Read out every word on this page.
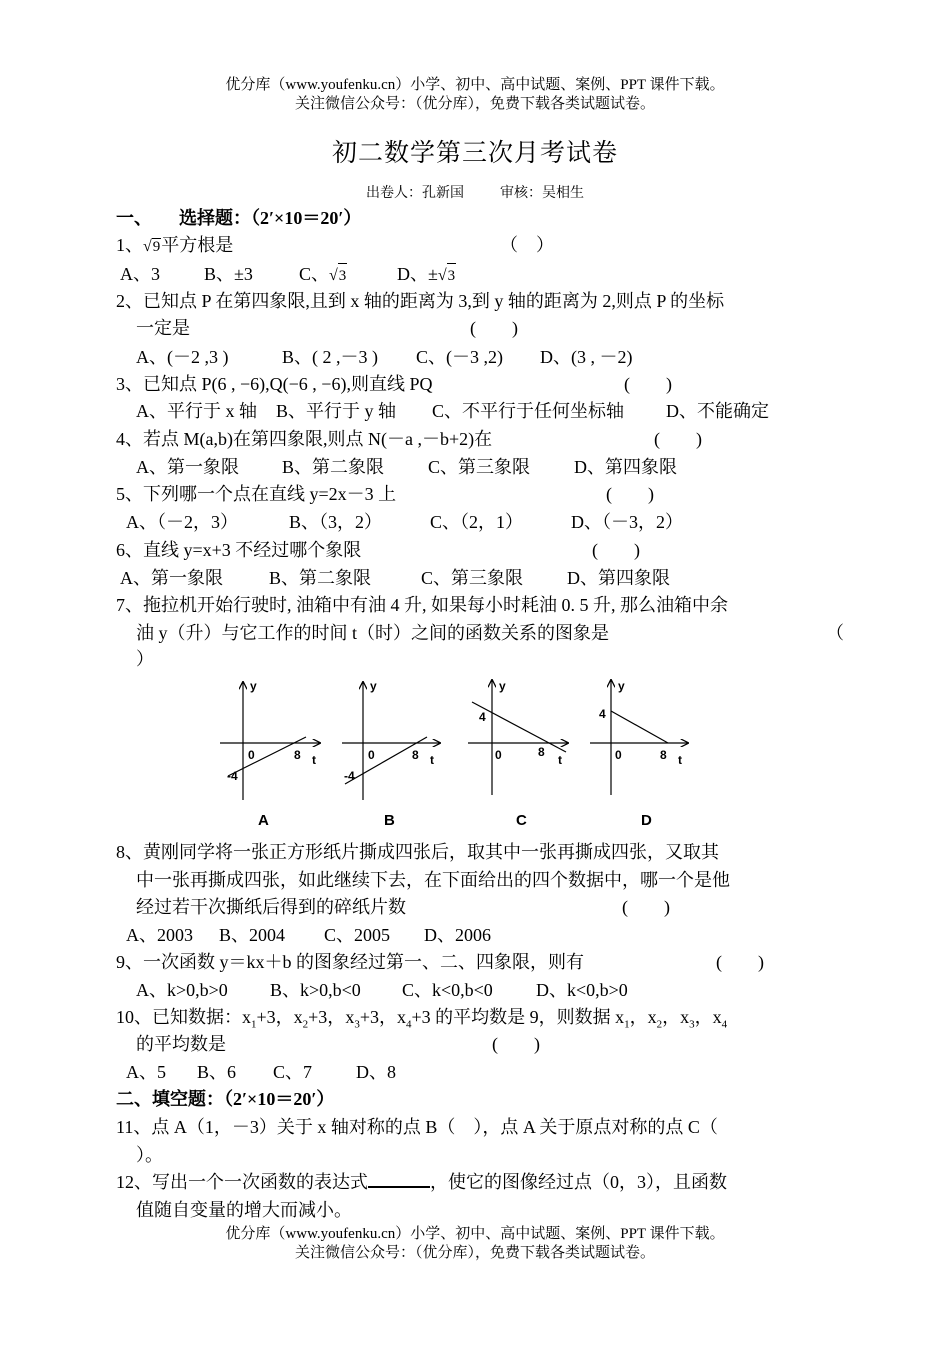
优分库（www.youfenku.cn）小学、初中、高中试题、案例、PPT 课件下载。
关注微信公众号：（优分库），免费下载各类试题试卷。
初二数学第三次月考试卷
出卷人：孔新国	审核：吴相生
一、　　选择题：（2′×10＝20′）
1、√9平方根是	（　）
A、3 B、±3	C、√3	D、±√3
2、已知点 P 在第四象限,且到 x 轴的距离为 3,到 y 轴的距离为 2,则点 P 的坐标
一定是	(　　)
A、(－2 ,3 )	B、( 2 ,－3 ) C、(－3 ,2) D、(3 , －2)
3、已知点 P(6 , −6),Q(−6 , −6),则直线 PQ	(　　)
A、平行于 x 轴 B、平行于 y 轴 C、不平行于任何坐标轴 D、不能确定
4、若点 M(a,b)在第四象限,则点 N(－a ,－b+2)在	(　　)
A、第一象限 B、第二象限 C、第三象限 D、第四象限
5、下列哪一个点在直线 y=2x－3 上	(　　)
A、（－2，3）	B、（3，2）	C、（2，1）	D、（－3，2）
6、直线 y=x+3 不经过哪个象限	(　　)
A、第一象限	B、第二象限	C、第三象限 D、第四象限
7、拖拉机开始行驶时, 油箱中有油 4 升, 如果每小时耗油 0. 5 升, 那么油箱中余
油 y（升）与它工作的时间 t（时）之间的函数关系的图象是	（
）
y
0	8 t
-4
A
y
0	8 t
-4
B
y
4
0	8
t
C
y
4
0	8 t
D
8、黄刚同学将一张正方形纸片撕成四张后，取其中一张再撕成四张，又取其
中一张再撕成四张，如此继续下去，在下面给出的四个数据中，哪一个是他
经过若干次撕纸后得到的碎纸片数	(　　)
A、2003 B、2004 C、2005 D、2006
9、一次函数 y＝kx＋b 的图象经过第一、二、四象限，则有	(　　)
A、k>0,b>0 B、k>0,b<0 C、k<0,b<0 D、k<0,b>0
10、已知数据：$x_1+3$，$x_2+3$，$x_3+3$，$x_4+3$ 的平均数是 9，则数据 $x_1$，$x_2$，$x_3$，$x_4$
的平均数是	(　　)
A、5 B、6 C、7 D、8
二、填空题：（2′×10＝20′）
11、点 A（1，－3）关于 x 轴对称的点 B（　），点 A 关于原点对称的点 C（
）。
12、写出一个一次函数的表达式	，使它的图像经过点（0，3），且函数
值随自变量的增大而减小。
优分库（www.youfenku.cn）小学、初中、高中试题、案例、PPT 课件下载。
关注微信公众号：（优分库），免费下载各类试题试卷。
